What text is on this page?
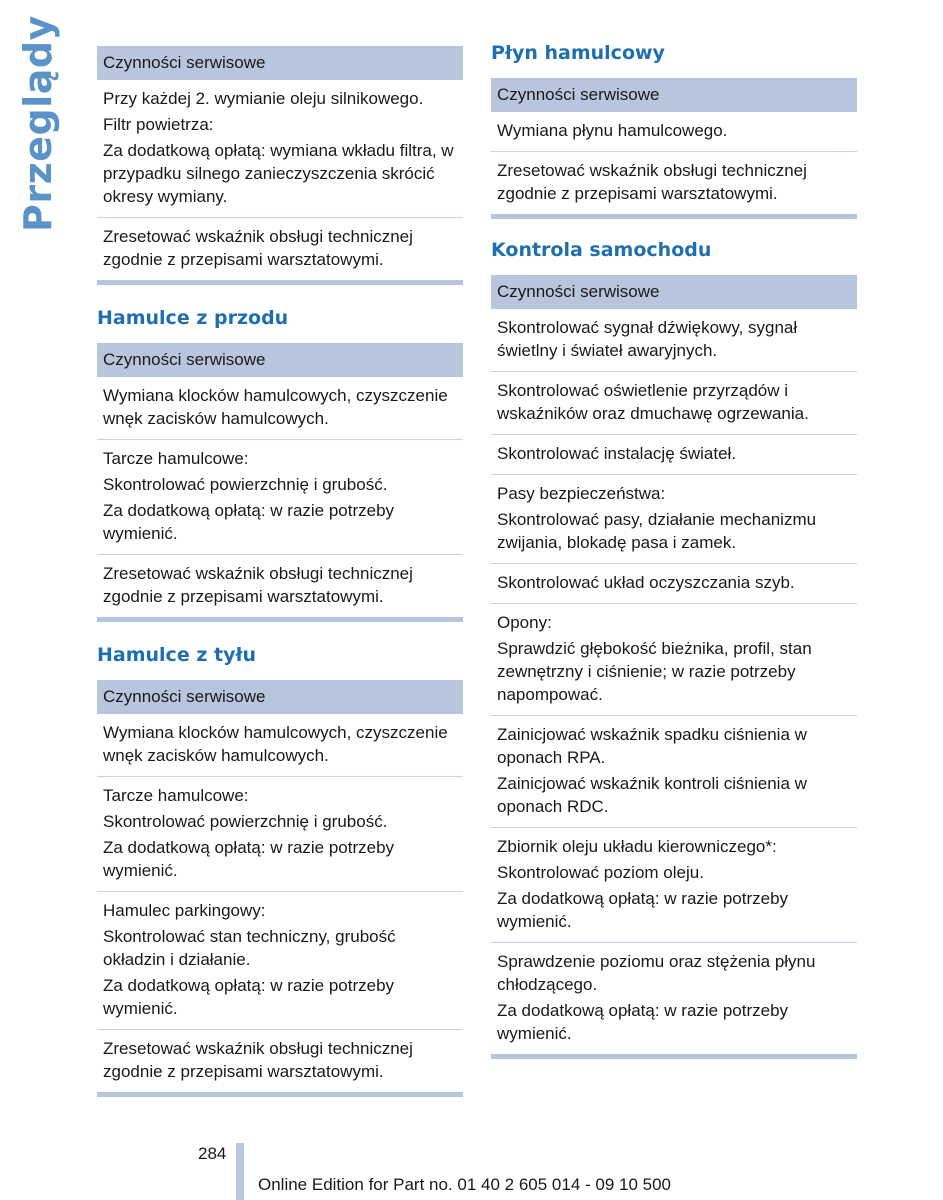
Przeglądy	Czynności serwisowe
Przy każdej 2. wymianie oleju silnikowego.
Filtr powietrza:
Za dodatkową opłatą: wymiana wkładu filtra, w przypadku silnego zanieczyszczenia skrócić okresy wymiany.
Zresetować wskaźnik obsługi technicznej zgodnie z przepisami warsztatowymi.
Hamulce z przodu
Czynności serwisowe
Wymiana klocków hamulcowych, czyszczenie wnęk zacisków hamulcowych.
Tarcze hamulcowe:
Skontrolować powierzchnię i grubość.
Za dodatkową opłatą: w razie potrzeby wymienić.
Zresetować wskaźnik obsługi technicznej zgodnie z przepisami warsztatowymi.
Hamulce z tyłu
Czynności serwisowe
Wymiana klocków hamulcowych, czyszczenie wnęk zacisków hamulcowych.
Tarcze hamulcowe:
Skontrolować powierzchnię i grubość.
Za dodatkową opłatą: w razie potrzeby wymienić.
Hamulec parkingowy:
Skontrolować stan techniczny, grubość okładzin i działanie.
Za dodatkową opłatą: w razie potrzeby wymienić.
Zresetować wskaźnik obsługi technicznej zgodnie z przepisami warsztatowymi.
Płyn hamulcowy
Czynności serwisowe
Wymiana płynu hamulcowego.
Zresetować wskaźnik obsługi technicznej zgodnie z przepisami warsztatowymi.
Kontrola samochodu
Czynności serwisowe
Skontrolować sygnał dźwiękowy, sygnał świetlny i świateł awaryjnych.
Skontrolować oświetlenie przyrządów i wskaźników oraz dmuchawę ogrzewania.
Skontrolować instalację świateł.
Pasy bezpieczeństwa:
Skontrolować pasy, działanie mechanizmu zwijania, blokadę pasa i zamek.
Skontrolować układ oczyszczania szyb.
Opony:
Sprawdzić głębokość bieżnika, profil, stan zewnętrzny i ciśnienie; w razie potrzeby napompować.
Zainicjować wskaźnik spadku ciśnienia w oponach RPA.
Zainicjować wskaźnik kontroli ciśnienia w oponach RDC.
Zbiornik oleju układu kierowniczego*:
Skontrolować poziom oleju.
Za dodatkową opłatą: w razie potrzeby wymienić.
Sprawdzenie poziomu oraz stężenia płynu chłodzącego.
Za dodatkową opłatą: w razie potrzeby wymienić.
284
Online Edition for Part no. 01 40 2 605 014 - 09 10 500
